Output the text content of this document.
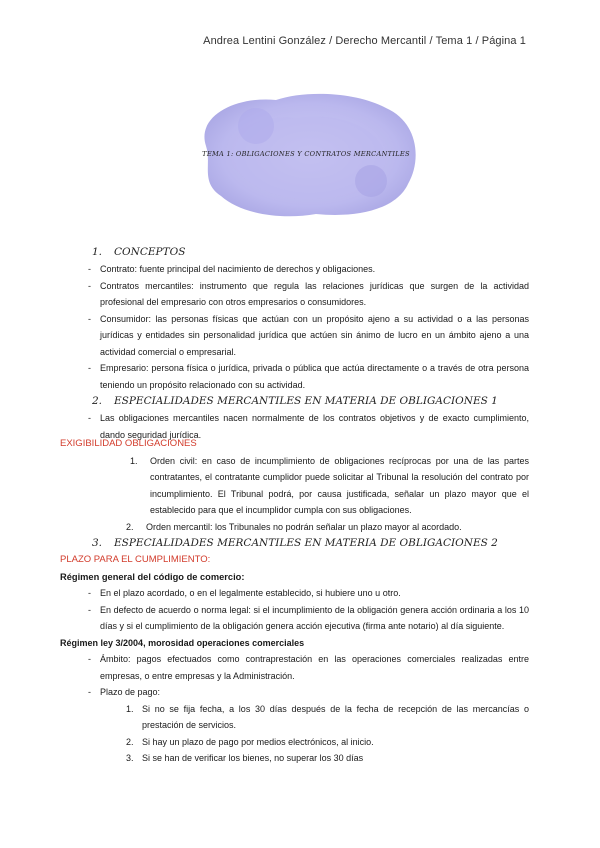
Andrea Lentini González / Derecho Mercantil / Tema 1 / Página 1
TEMA 1: OBLIGACIONES Y CONTRATOS MERCANTILES
1.	CONCEPTOS
-	Contrato: fuente principal del nacimiento de derechos y obligaciones.
-	Contratos mercantiles: instrumento que regula las relaciones jurídicas que surgen de la actividad profesional del empresario con otros empresarios o consumidores.
-	Consumidor: las personas físicas que actúan con un propósito ajeno a su actividad o a las personas jurídicas y entidades sin personalidad jurídica que actúen sin ánimo de lucro en un ámbito ajeno a una actividad comercial o empresarial.
-	Empresario: persona física o jurídica, privada o pública que actúa directamente o a través de otra persona teniendo un propósito relacionado con su actividad.
2.	ESPECIALIDADES MERCANTILES EN MATERIA DE OBLIGACIONES 1
-	Las obligaciones mercantiles nacen normalmente de los contratos objetivos y de exacto cumplimiento, dando seguridad jurídica.

EXIGIBILIDAD OBLIGACIONES

1.	Orden civil: en caso de incumplimiento de obligaciones recíprocas por una de las partes contratantes, el contratante cumplidor puede solicitar al Tribunal la resolución del contrato por incumplimiento. El Tribunal podrá, por causa justificada, señalar un plazo mayor que el establecido para que el incumplidor cumpla con sus obligaciones.
2.	Orden mercantil: los Tribunales no podrán señalar un plazo mayor al acordado.
3.	ESPECIALIDADES MERCANTILES EN MATERIA DE OBLIGACIONES 2

PLAZO PARA EL CUMPLIMIENTO:

Régimen general del código de comercio:

-	En el plazo acordado, o en el legalmente establecido, si hubiere uno u otro.
-	En defecto de acuerdo o norma legal: si el incumplimiento de la obligación genera acción ordinaria a los 10 días y si el cumplimiento de la obligación genera acción ejecutiva (firma ante notario) al día siguiente.

Régimen ley 3/2004, morosidad operaciones comerciales

-	Ámbito: pagos efectuados como contraprestación en las operaciones comerciales realizadas entre empresas, o entre empresas y la Administración.
-	Plazo de pago:
1. Si no se fija fecha, a los 30 días después de la fecha de recepción de las mercancías o prestación de servicios.
2. Si hay un plazo de pago por medios electrónicos, al inicio.
3. Si se han de verificar los bienes, no superar los 30 días
